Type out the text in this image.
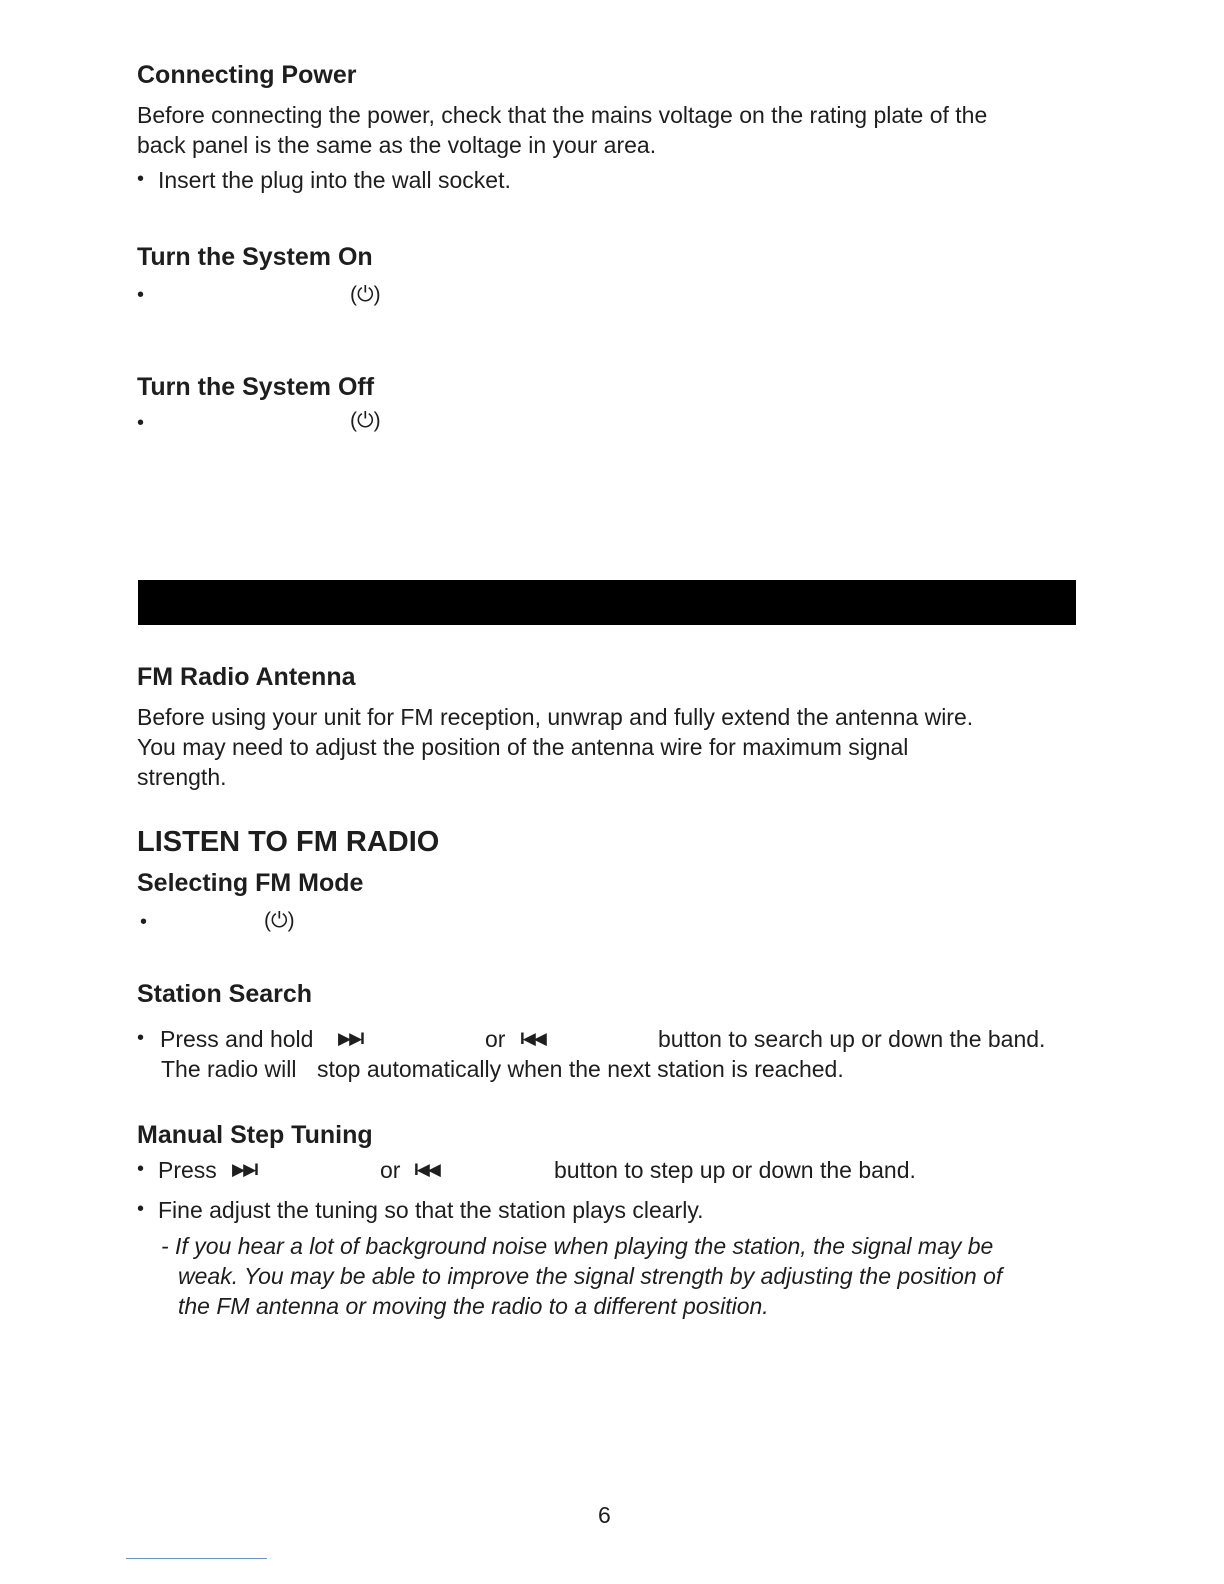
Connecting Power
Before connecting the power, check that the mains voltage on the rating plate of the
back panel is the same as the voltage in your area.
• Insert the plug into the wall socket.
Turn the System On
•	(⏻)
Turn the System Off
•	(⏻)
FM Radio Antenna
Before using your unit for FM reception, unwrap and fully extend the antenna wire.
You may need to adjust the position of the antenna wire for maximum signal
strength.
LISTEN TO FM RADIO
Selecting FM Mode
•	(⏻)
Station Search
• Press and hold ▶▶I	or I◀◀	button to search up or down the band.
The radio will stop automatically when the next station is reached.
Manual Step Tuning
• Press ▶▶I	or I◀◀	button to step up or down the band.
• Fine adjust the tuning so that the station plays clearly.
- If you hear a lot of background noise when playing the station, the signal may be
weak. You may be able to improve the signal strength by adjusting the position of
the FM antenna or moving the radio to a different position.
6
